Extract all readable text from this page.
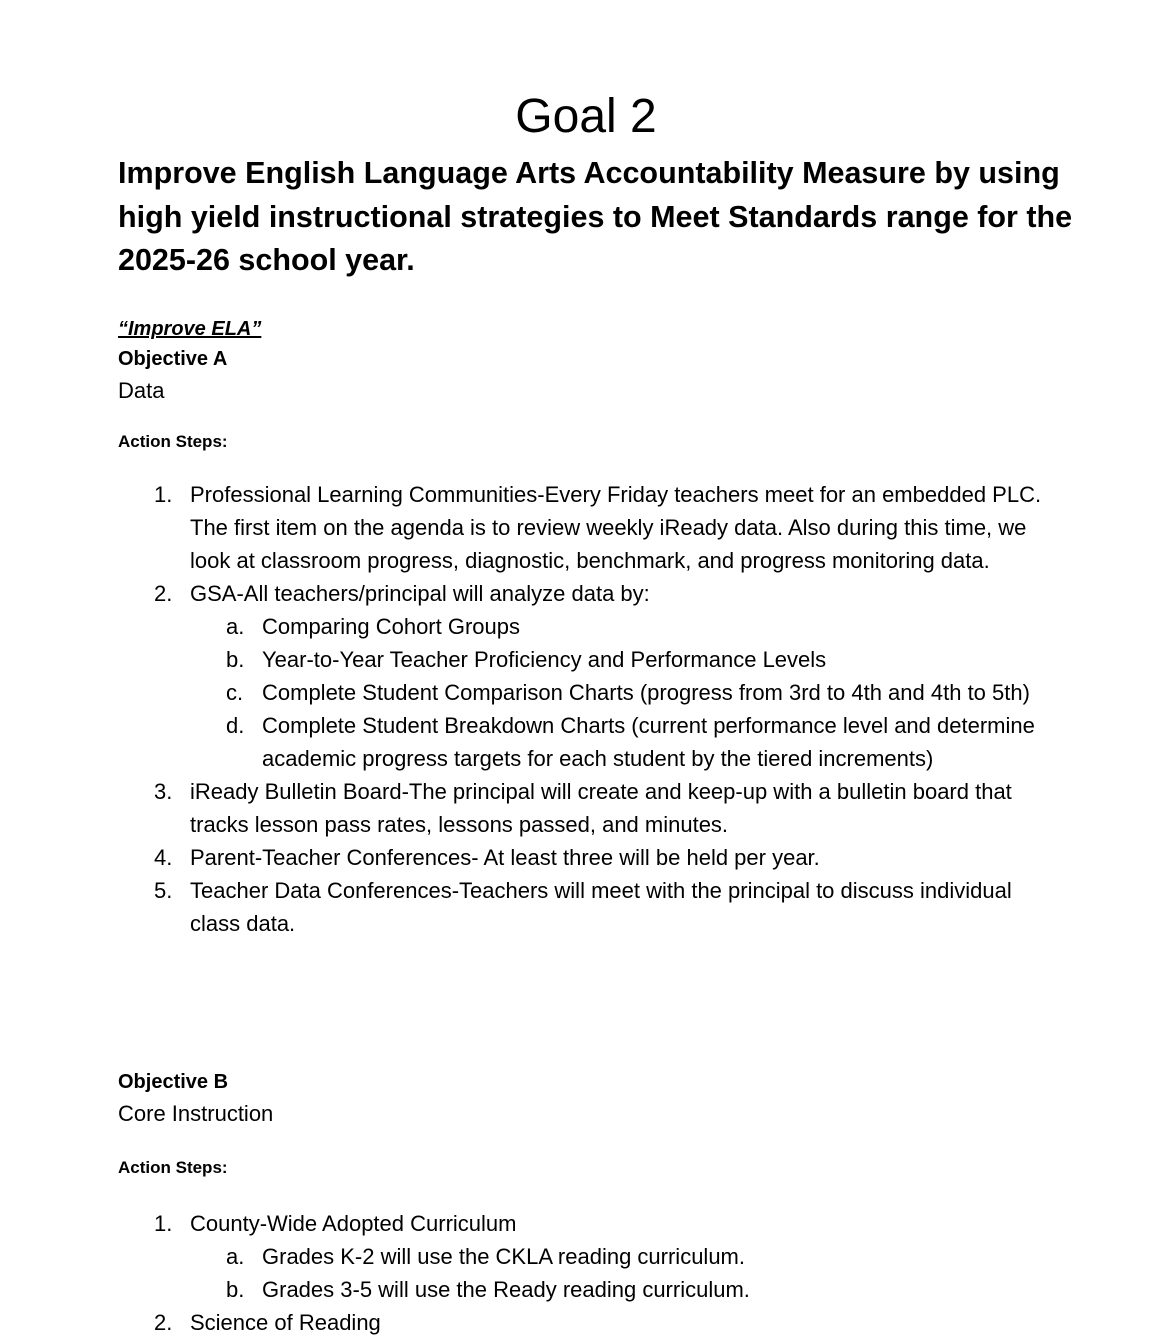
Goal 2

Improve English Language Arts Accountability Measure by using high yield instructional strategies to Meet Standards range for the 2025-26 school year.

“Improve ELA”
Objective A
Data
Action Steps:
1. Professional Learning Communities-Every Friday teachers meet for an embedded PLC. The first item on the agenda is to review weekly iReady data. Also during this time, we look at classroom progress, diagnostic, benchmark, and progress monitoring data.
2. GSA-All teachers/principal will analyze data by:
a. Comparing Cohort Groups
b. Year-to-Year Teacher Proficiency and Performance Levels
c. Complete Student Comparison Charts (progress from 3rd to 4th and 4th to 5th)
d. Complete Student Breakdown Charts (current performance level and determine academic progress targets for each student by the tiered increments)
3. iReady Bulletin Board-The principal will create and keep-up with a bulletin board that tracks lesson pass rates, lessons passed, and minutes.
4. Parent-Teacher Conferences- At least three will be held per year.
5. Teacher Data Conferences-Teachers will meet with the principal to discuss individual class data.
Objective B
Core Instruction
Action Steps:
1. County-Wide Adopted Curriculum
a. Grades K-2 will use the CKLA reading curriculum.
b. Grades 3-5 will use the Ready reading curriculum.
2. Science of Reading
